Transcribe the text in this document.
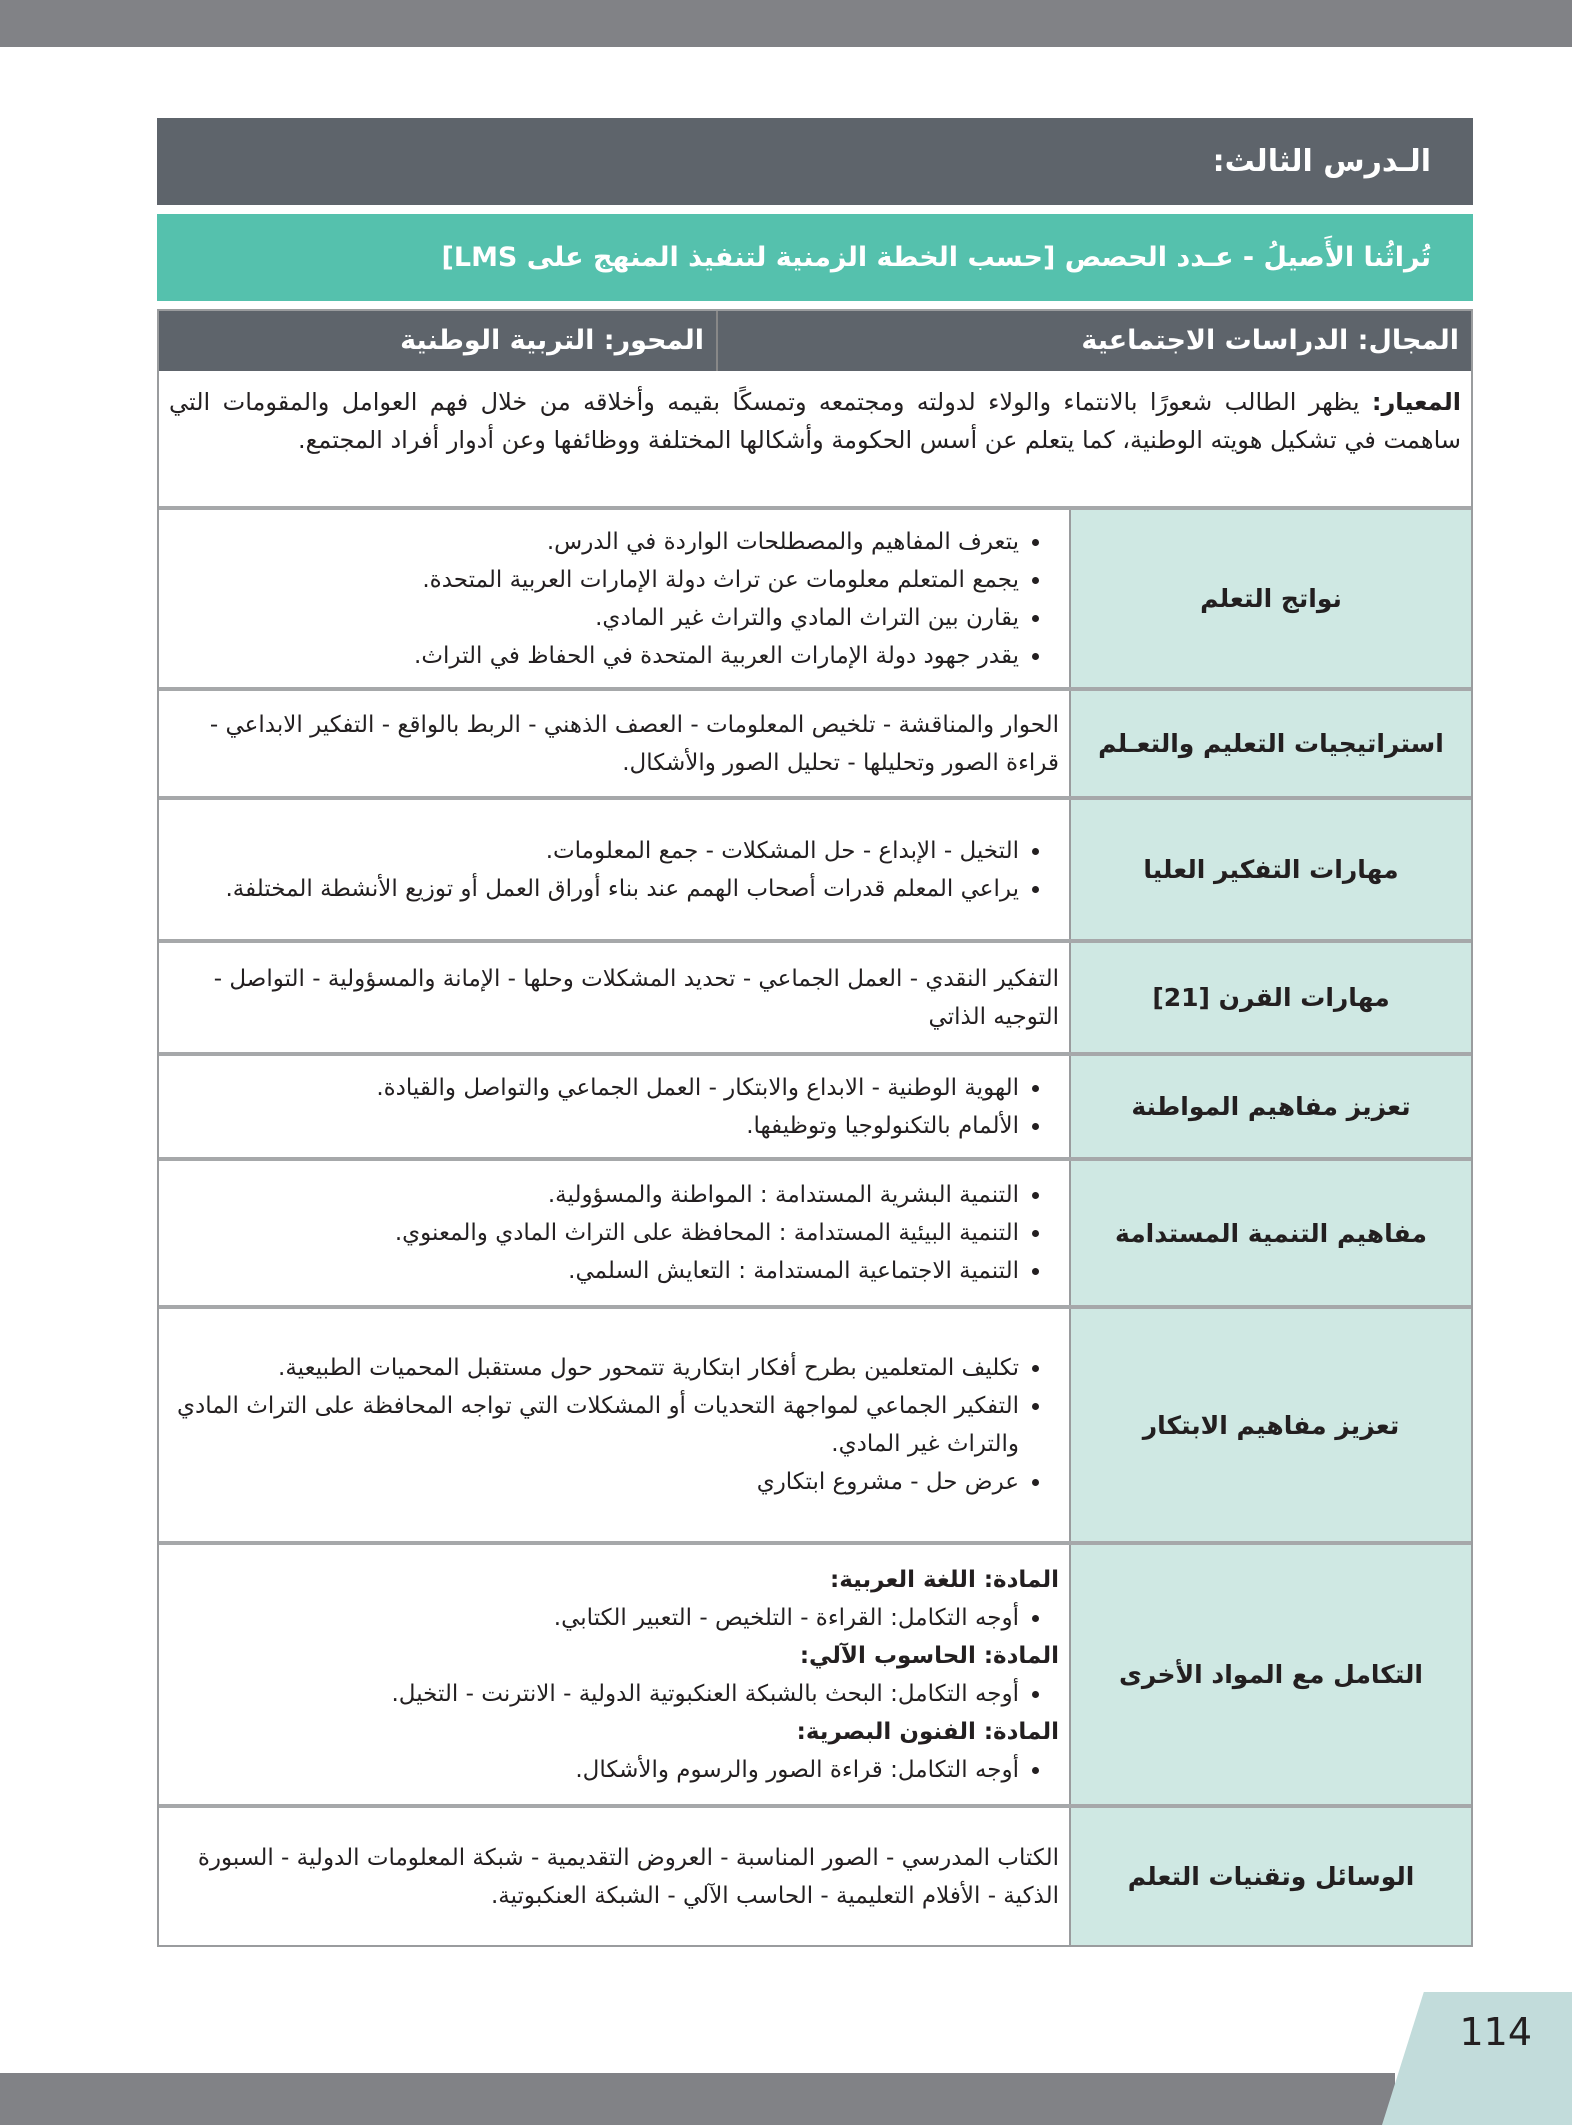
الـدرس الثالث:
تُراثُنا الأَصيلُ - عـدد الحصص [حسب الخطة الزمنية لتنفيذ المنهج على LMS]
المجال: الدراسات الاجتماعية
المحور: التربية الوطنية
المعيار: يظهر الطالب شعورًا بالانتماء والولاء لدولته ومجتمعه وتمسكًا بقيمه وأخلاقه من خلال فهم العوامل والمقومات التي ساهمت في تشكيل هويته الوطنية، كما يتعلم عن أسس الحكومة وأشكالها المختلفة ووظائفها وعن أدوار أفراد المجتمع.
نواتج التعلم
• يتعرف المفاهيم والمصطلحات الواردة في الدرس.
• يجمع المتعلم معلومات عن تراث دولة الإمارات العربية المتحدة.
• يقارن بين التراث المادي والتراث غير المادي.
• يقدر جهود دولة الإمارات العربية المتحدة في الحفاظ في التراث.
استراتيجيات التعليم والتعـلم
الحوار والمناقشة - تلخيص المعلومات - العصف الذهني - الربط بالواقع - التفكير الابداعي - قراءة الصور وتحليلها - تحليل الصور والأشكال.
مهارات التفكير العليا
• التخيل - الإبداع - حل المشكلات - جمع المعلومات.
• يراعي المعلم قدرات أصحاب الهمم عند بناء أوراق العمل أو توزيع الأنشطة المختلفة.
مهارات القرن [21]
التفكير النقدي - العمل الجماعي - تحديد المشكلات وحلها - الإمانة والمسؤولية - التواصل - التوجيه الذاتي
تعزيز مفاهيم المواطنة
• الهوية الوطنية - الابداع والابتكار - العمل الجماعي والتواصل والقيادة.
• الألمام بالتكنولوجيا وتوظيفها.
مفاهيم التنمية المستدامة
• التنمية البشرية المستدامة : المواطنة والمسؤولية.
• التنمية البيئية المستدامة : المحافظة على التراث المادي والمعنوي.
• التنمية الاجتماعية المستدامة : التعايش السلمي.
تعزيز مفاهيم الابتكار
• تكليف المتعلمين بطرح أفكار ابتكارية تتمحور حول مستقبل المحميات الطبيعية.
• التفكير الجماعي لمواجهة التحديات أو المشكلات التي تواجه المحافظة على التراث المادي والتراث غير المادي.
• عرض حل - مشروع ابتكاري
التكامل مع المواد الأخرى
المادة: اللغة العربية:
• أوجه التكامل: القراءة - التلخيص - التعبير الكتابي.
المادة: الحاسوب الآلي:
• أوجه التكامل: البحث بالشبكة العنكبوتية الدولية - الانترنت - التخيل.
المادة: الفنون البصرية:
• أوجه التكامل: قراءة الصور والرسوم والأشكال.
الوسائل وتقنيات التعلم
الكتاب المدرسي - الصور المناسبة - العروض التقديمية - شبكة المعلومات الدولية - السبورة الذكية - الأفلام التعليمية - الحاسب الآلي - الشبكة العنكبوتية.
114
